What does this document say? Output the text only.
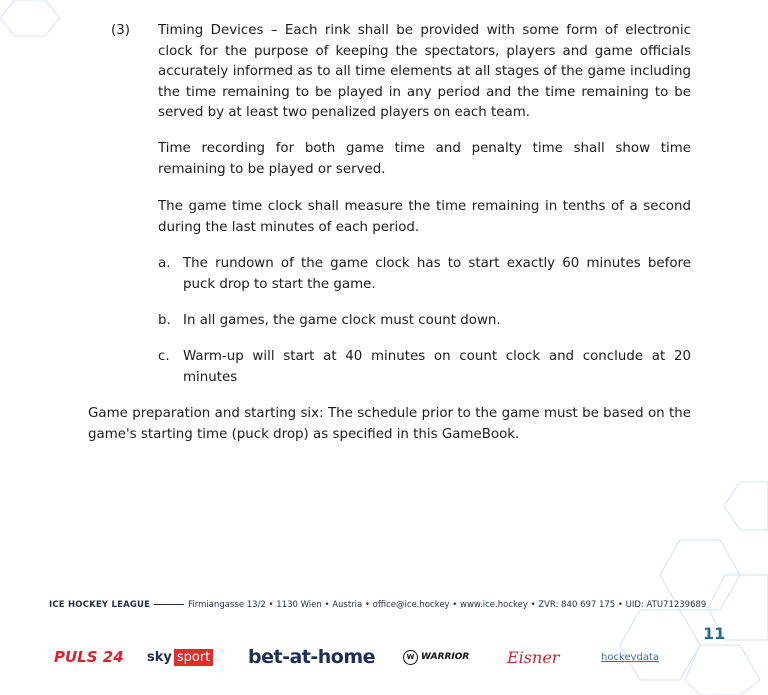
(3) Timing Devices – Each rink shall be provided with some form of electronic clock for the purpose of keeping the spectators, players and game officials accurately informed as to all time elements at all stages of the game including the time remaining to be played in any period and the time remaining to be served by at least two penalized players on each team.

Time recording for both game time and penalty time shall show time remaining to be played or served.

The game time clock shall measure the time remaining in tenths of a second during the last minutes of each period.

a. The rundown of the game clock has to start exactly 60 minutes before puck drop to start the game.

b. In all games, the game clock must count down.

c. Warm-up will start at 40 minutes on count clock and conclude at 20 minutes

Game preparation and starting six: The schedule prior to the game must be based on the game's starting time (puck drop) as specified in this GameBook.

ICE HOCKEY LEAGUE	Firmiangasse 13/2 • 1130 Wien • Austria • office@ice.hockey • www.ice.hockey • ZVR: 840 697 175 • UID: ATU71239689
11
PULS 24 sky sport bet-at-home	W WARRIOR Eisner	hockeydata
